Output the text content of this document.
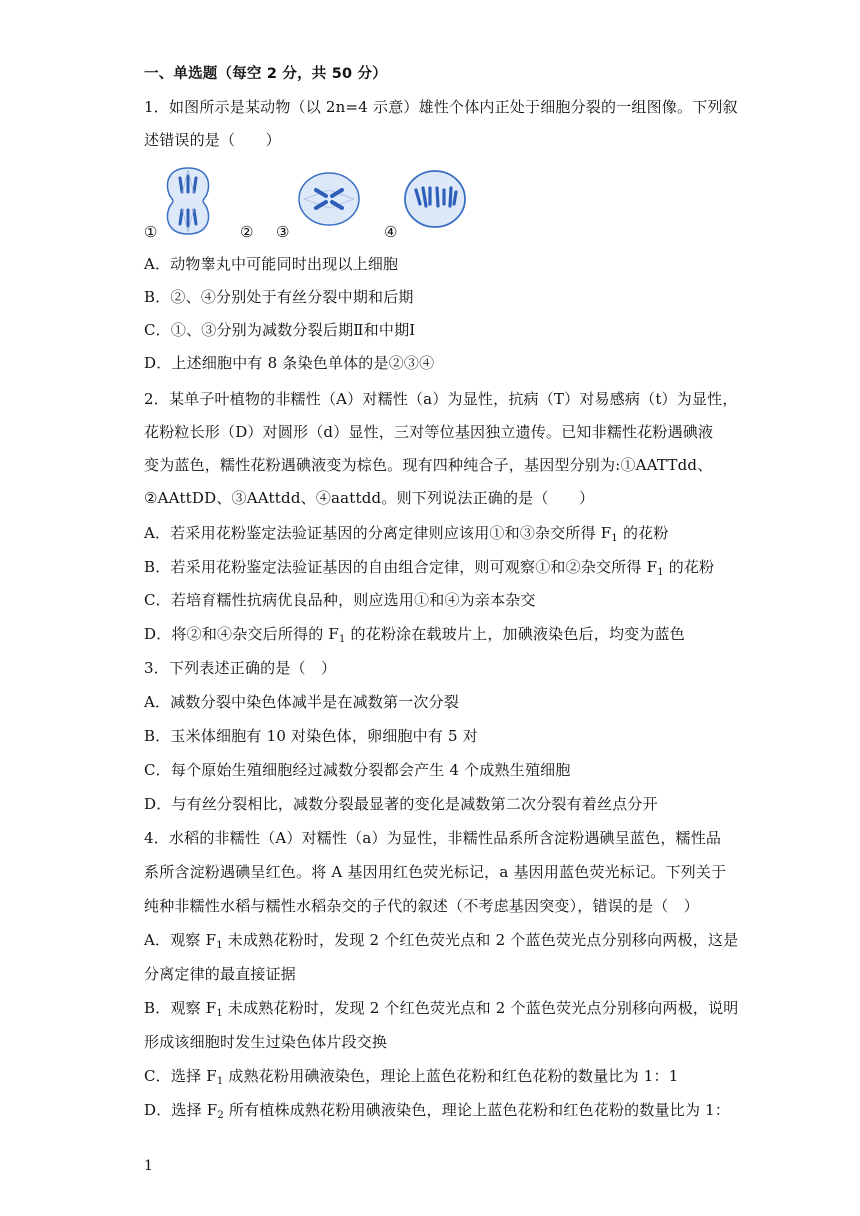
一、单选题（每空 2 分，共 50 分）
1．如图所示是某动物（以 2n=4 示意）雄性个体内正处于细胞分裂的一组图像。下列叙
述错误的是（　　）
①	② ③	④
A．动物睾丸中可能同时出现以上细胞
B．②、④分别处于有丝分裂中期和后期
C．①、③分别为减数分裂后期Ⅱ和中期Ⅰ
D．上述细胞中有 8 条染色单体的是②③④
2．某单子叶植物的非糯性（A）对糯性（a）为显性，抗病（T）对易感病（t）为显性，
花粉粒长形（D）对圆形（d）显性，三对等位基因独立遗传。已知非糯性花粉遇碘液
变为蓝色，糯性花粉遇碘液变为棕色。现有四种纯合子，基因型分别为:①AATTdd、
②AAttDD、③AAttdd、④aattdd。则下列说法正确的是（　　）
A．若采用花粉鉴定法验证基因的分离定律则应该用①和③杂交所得 $F_1$ 的花粉
B．若采用花粉鉴定法验证基因的自由组合定律，则可观察①和②杂交所得 $F_1$ 的花粉
C．若培育糯性抗病优良品种，则应选用①和④为亲本杂交
D．将②和④杂交后所得的 $F_1$ 的花粉涂在载玻片上，加碘液染色后，均变为蓝色
3．下列表述正确的是（　）
A．减数分裂中染色体减半是在减数第一次分裂
B．玉米体细胞有 10 对染色体，卵细胞中有 5 对
C．每个原始生殖细胞经过减数分裂都会产生 4 个成熟生殖细胞
D．与有丝分裂相比，减数分裂最显著的变化是减数第二次分裂有着丝点分开
4．水稻的非糯性（A）对糯性（a）为显性，非糯性品系所含淀粉遇碘呈蓝色，糯性品
系所含淀粉遇碘呈红色。将 A 基因用红色荧光标记，a 基因用蓝色荧光标记。下列关于
纯种非糯性水稻与糯性水稻杂交的子代的叙述（不考虑基因突变），错误的是（　）
A．观察 $F_1$ 未成熟花粉时，发现 2 个红色荧光点和 2 个蓝色荧光点分别移向两极，这是
分离定律的最直接证据
B．观察 $F_1$ 未成熟花粉时，发现 2 个红色荧光点和 2 个蓝色荧光点分别移向两极，说明
形成该细胞时发生过染色体片段交换
C．选择 $F_1$ 成熟花粉用碘液染色，理论上蓝色花粉和红色花粉的数量比为 1：1
D．选择 $F_2$ 所有植株成熟花粉用碘液染色，理论上蓝色花粉和红色花粉的数量比为 1：
1
